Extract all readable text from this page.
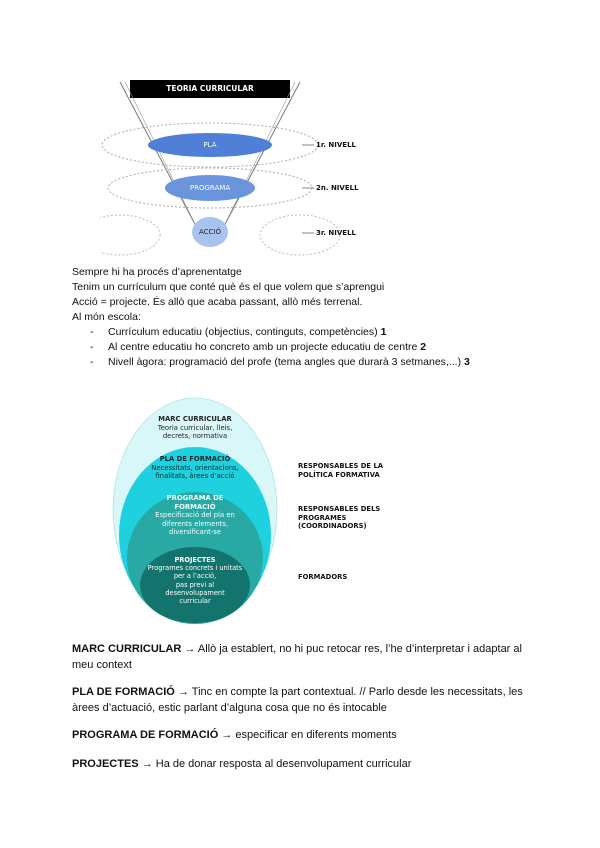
TEORIA CURRICULAR
PLA
PROGRAMA
ACCIÓ
1r. NIVELL
2n. NIVELL
3r. NIVELL
Sempre hi ha procés d’aprenentatge
Tenim un currículum que conté què és el que volem que s’aprengui
Acció = projecte. És allò que acaba passant, allò més terrenal.
Al món escola:
- Currículum educatiu (objectius, continguts, competències) 1
- Al centre educatiu ho concreto amb un projecte educatiu de centre 2
- Nivell àgora: programació del profe (tema angles que durarà 3 setmanes,...) 3
MARC CURRICULAR
Teoria curricular, lleis,
decrets, normativa
PLA DE FORMACIÓ
Necessitats, orientacions,
finalitats, àrees d’acció
PROGRAMA DE
FORMACIÓ
Especificació del pla en
diferents elements,
diversificant-se
PROJECTES
Programes concrets i unitats
per a l’acció,
pas previ al
desenvolupament
curricular
RESPONSABLES DE LA
POLÍTICA FORMATIVA
RESPONSABLES DELS
PROGRAMES
(COORDINADORS)
FORMADORS
MARC CURRICULAR → Allò ja establert, no hi puc retocar res, l’he d’interpretar i adaptar al meu context
PLA DE FORMACIÓ → Tinc en compte la part contextual. // Parlo desde les necessitats, les àrees d’actuació, estic parlant d’alguna cosa que no és intocable
PROGRAMA DE FORMACIÓ → especificar en diferents moments
PROJECTES → Ha de donar resposta al desenvolupament curricular
